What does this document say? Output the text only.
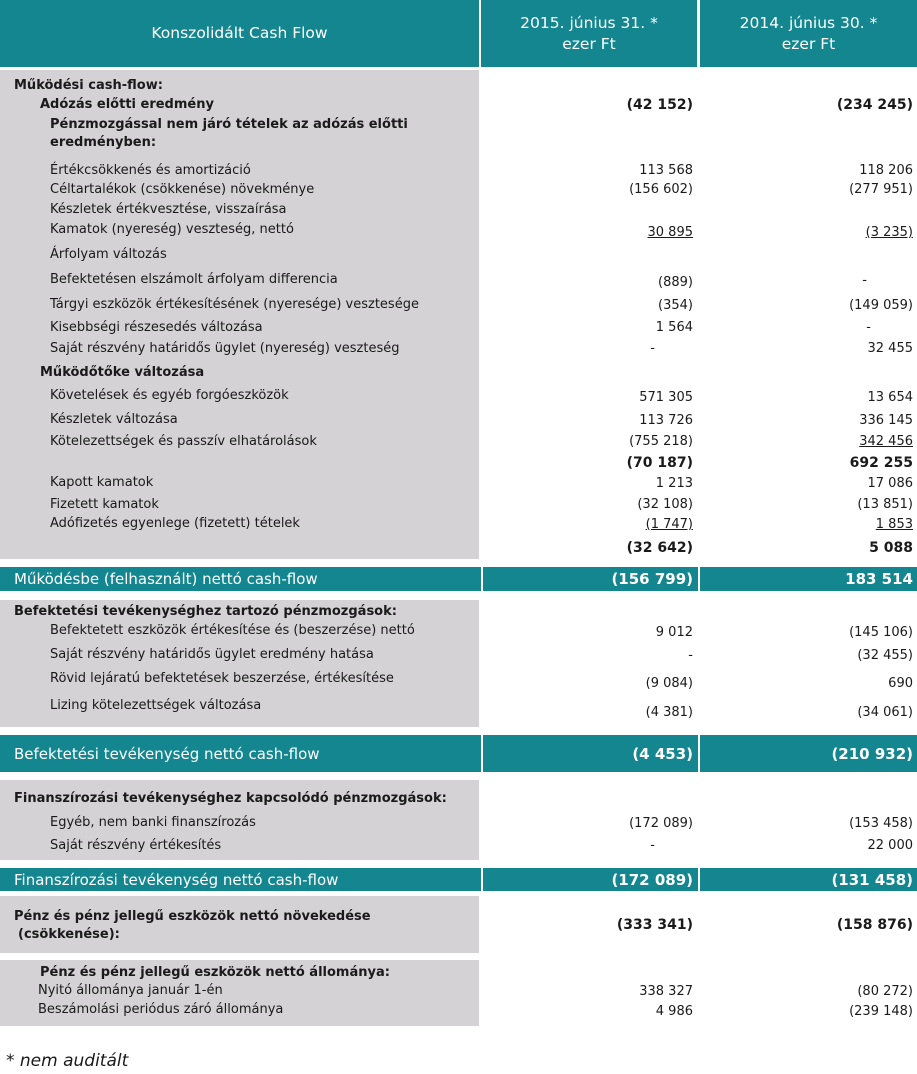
Konszolidált Cash Flow
2015. június 31. *
ezer Ft
2014. június 30. *
ezer Ft
Működési cash-flow:
Adózás előtti eredmény	(42 152)	(234 245)
Pénzmozgással nem járó tételek az adózás előtti
eredményben:
Értékcsökkenés és amortizáció	113 568	118 206
Céltartalékok (csökkenése) növekménye	(156 602)	(277 951)
Készletek értékvesztése, visszaírása
Kamatok (nyereség) veszteség, nettó	30 895	(3 235)
Árfolyam változás
Befektetésen elszámolt árfolyam differencia	(889)	-
Tárgyi eszközök értékesítésének (nyeresége) vesztesége	(354)	(149 059)
Kisebbségi részesedés változása	1 564	-
Saját részvény határidős ügylet (nyereség) veszteség	-	32 455
Működőtőke változása
Követelések és egyéb forgóeszközök	571 305	13 654
Készletek változása	113 726	336 145
Kötelezettségek és passzív elhatárolások	(755 218)	342 456
(70 187)	692 255
Kapott kamatok	1 213	17 086
Fizetett kamatok	(32 108)	(13 851)
Adófizetés egyenlege (fizetett) tételek	(1 747)	1 853
(32 642)	5 088
Működésbe (felhasznált) nettó cash-flow	(156 799)	183 514
Befektetési tevékenységhez tartozó pénzmozgások:
Befektetett eszközök értékesítése és (beszerzése) nettó	9 012	(145 106)
Saját részvény határidős ügylet eredmény hatása	-	(32 455)
Rövid lejáratú befektetések beszerzése, értékesítése	(9 084)	690
Lizing kötelezettségek változása	(4 381)	(34 061)
Befektetési tevékenység nettó cash-flow	(4 453)	(210 932)
Finanszírozási tevékenységhez kapcsolódó pénzmozgások:
Egyéb, nem banki finanszírozás	(172 089)	(153 458)
Saját részvény értékesítés	-	22 000
Finanszírozási tevékenység nettó cash-flow	(172 089)	(131 458)
Pénz és pénz jellegű eszközök nettó növekedése
(csökkenése):
(333 341)	(158 876)
Pénz és pénz jellegű eszközök nettó állománya:
Nyitó állománya január 1-én	338 327	(80 272)
Beszámolási periódus záró állománya	4 986	(239 148)
* nem auditált
